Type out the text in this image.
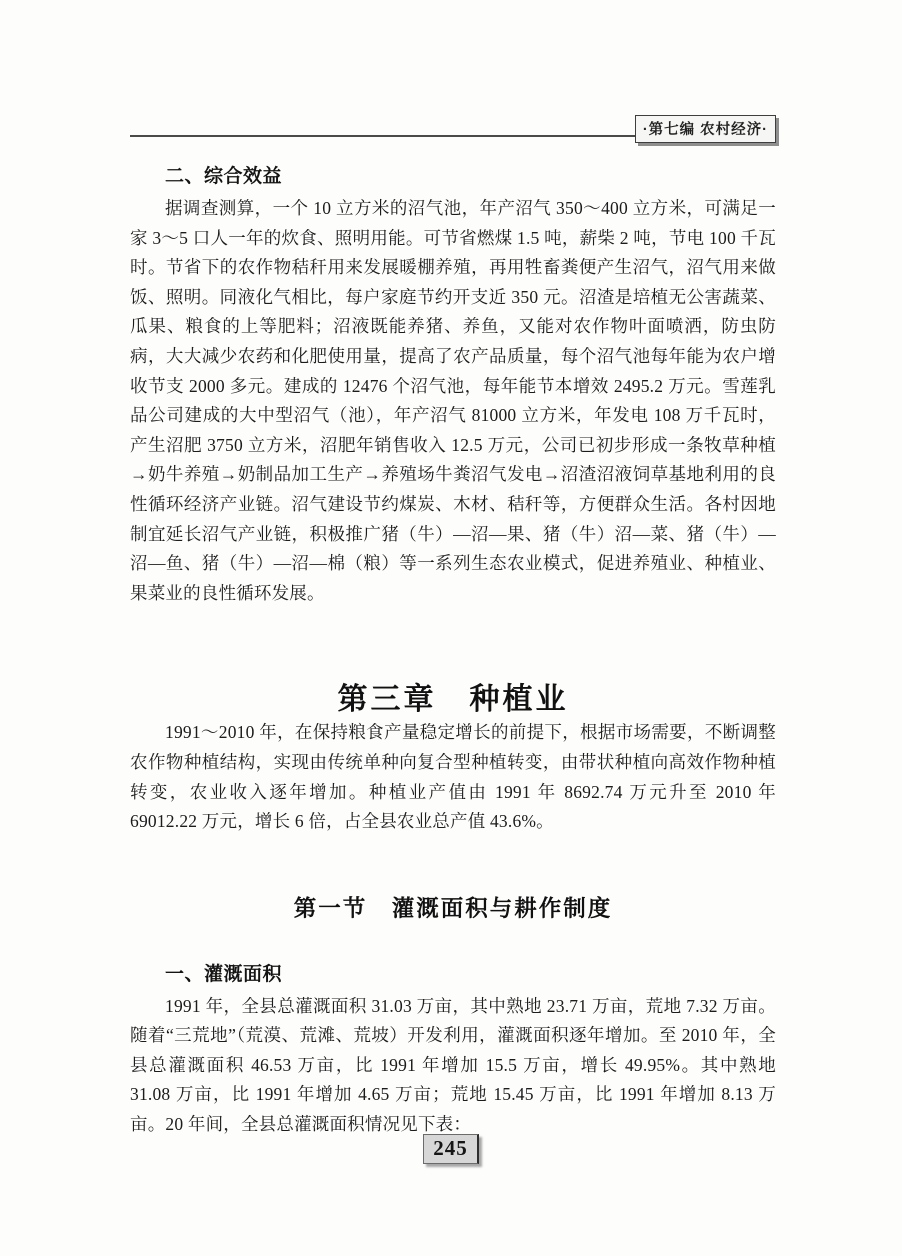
·第七编 农村经济·
二、综合效益

据调查测算，一个 10 立方米的沼气池，年产沼气 350～400 立方米，可满足一家 3～5 口人一年的炊食、照明用能。可节省燃煤 1.5 吨，薪柴 2 吨，节电 100 千瓦时。节省下的农作物秸秆用来发展暖棚养殖，再用牲畜粪便产生沼气，沼气用来做饭、照明。同液化气相比，每户家庭节约开支近 350 元。沼渣是培植无公害蔬菜、瓜果、粮食的上等肥料；沼液既能养猪、养鱼，又能对农作物叶面喷洒，防虫防病，大大减少农药和化肥使用量，提高了农产品质量，每个沼气池每年能为农户增收节支 2000 多元。建成的 12476 个沼气池，每年能节本增效 2495.2 万元。雪莲乳品公司建成的大中型沼气（池），年产沼气 81000 立方米，年发电 108 万千瓦时，产生沼肥 3750 立方米，沼肥年销售收入 12.5 万元，公司已初步形成一条牧草种植→奶牛养殖→奶制品加工生产→养殖场牛粪沼气发电→沼渣沼液饲草基地利用的良性循环经济产业链。沼气建设节约煤炭、木材、秸秆等，方便群众生活。各村因地制宜延长沼气产业链，积极推广猪（牛）—沼—果、猪（牛）沼—菜、猪（牛）—沼—鱼、猪（牛）—沼—棉（粮）等一系列生态农业模式，促进养殖业、种植业、果菜业的良性循环发展。

第三章　种植业

1991～2010 年，在保持粮食产量稳定增长的前提下，根据市场需要，不断调整农作物种植结构，实现由传统单种向复合型种植转变，由带状种植向高效作物种植转变，农业收入逐年增加。种植业产值由 1991 年 8692.74 万元升至 2010 年 69012.22 万元，增长 6 倍，占全县农业总产值 43.6%。

第一节　灌溉面积与耕作制度
一、灌溉面积

1991 年，全县总灌溉面积 31.03 万亩，其中熟地 23.71 万亩，荒地 7.32 万亩。随着“三荒地”（荒漠、荒滩、荒坡）开发利用，灌溉面积逐年增加。至 2010 年，全县总灌溉面积 46.53 万亩，比 1991 年增加 15.5 万亩，增长 49.95%。其中熟地 31.08 万亩，比 1991 年增加 4.65 万亩；荒地 15.45 万亩，比 1991 年增加 8.13 万亩。20 年间，全县总灌溉面积情况见下表：

245
